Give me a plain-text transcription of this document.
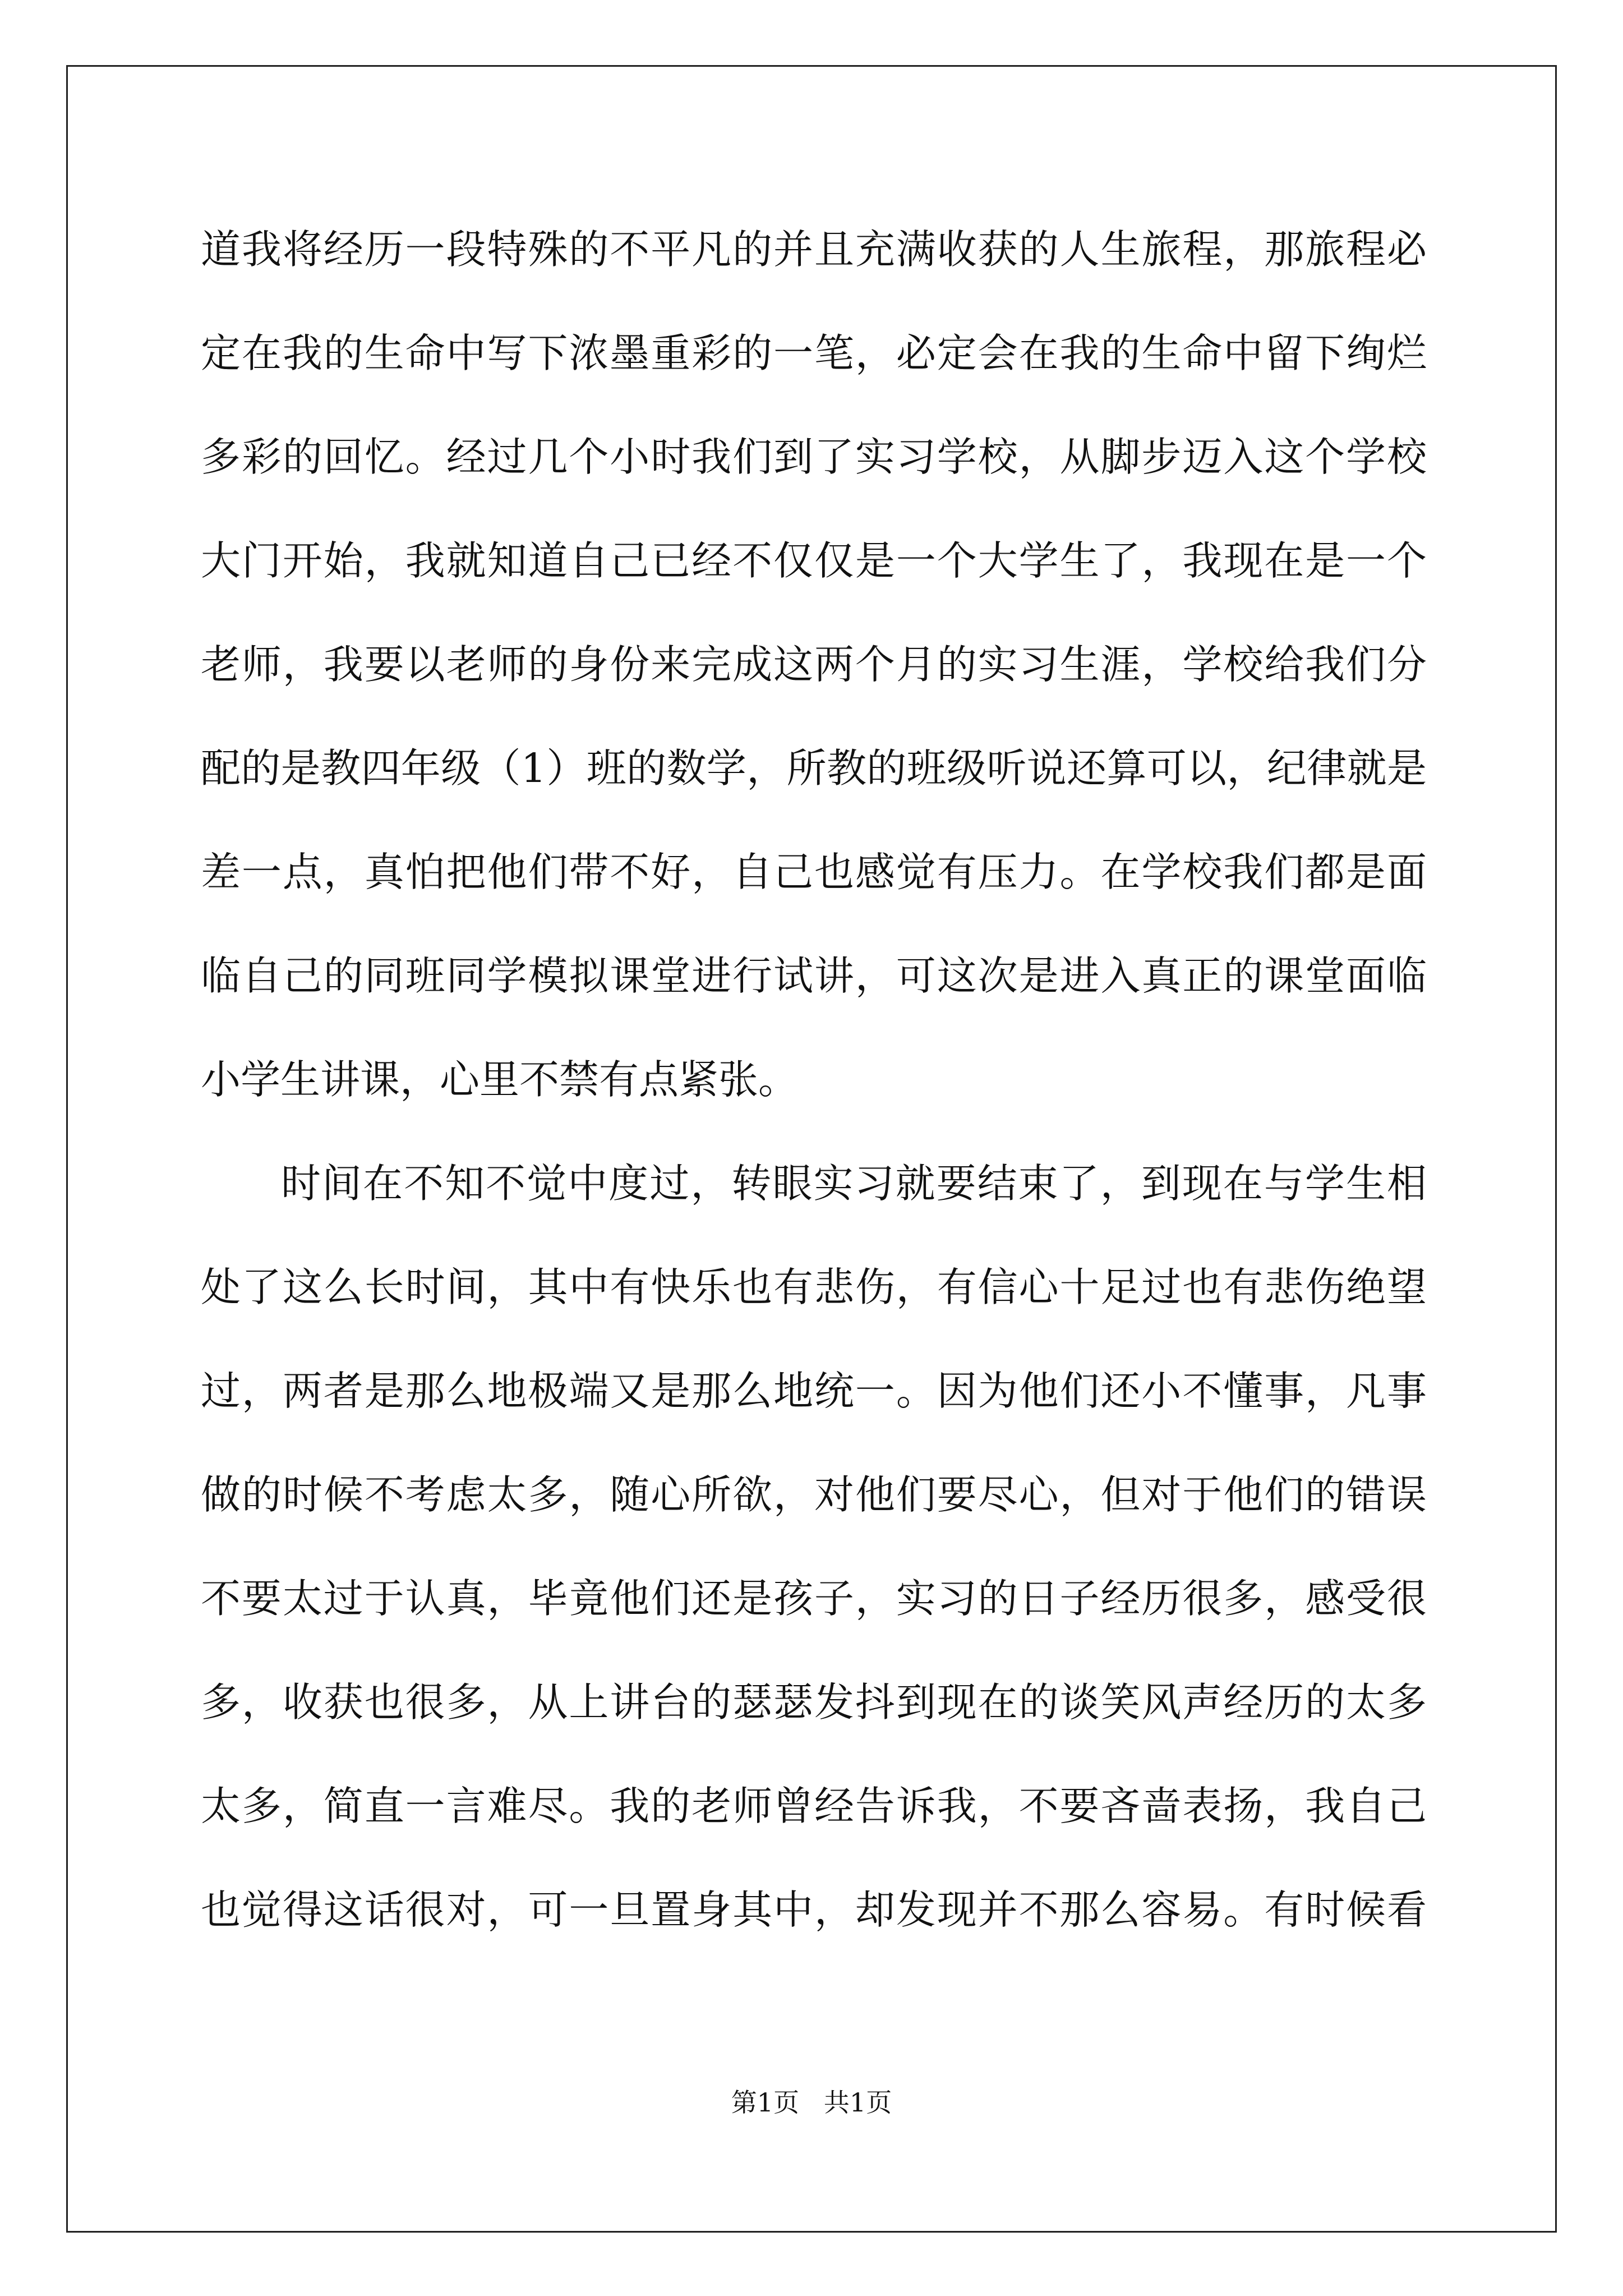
道我将经历一段特殊的不平凡的并且充满收获的人生旅程，那旅程必
定在我的生命中写下浓墨重彩的一笔，必定会在我的生命中留下绚烂
多彩的回忆。经过几个小时我们到了实习学校，从脚步迈入这个学校
大门开始，我就知道自己已经不仅仅是一个大学生了，我现在是一个
老师，我要以老师的身份来完成这两个月的实习生涯，学校给我们分
配的是教四年级（1）班的数学，所教的班级听说还算可以，纪律就是
差一点，真怕把他们带不好，自己也感觉有压力。在学校我们都是面
临自己的同班同学模拟课堂进行试讲，可这次是进入真正的课堂面临
小学生讲课，心里不禁有点紧张。
时间在不知不觉中度过，转眼实习就要结束了，到现在与学生相
处了这么长时间，其中有快乐也有悲伤，有信心十足过也有悲伤绝望
过，两者是那么地极端又是那么地统一。因为他们还小不懂事，凡事
做的时候不考虑太多，随心所欲，对他们要尽心，但对于他们的错误
不要太过于认真，毕竟他们还是孩子，实习的日子经历很多，感受很
多，收获也很多，从上讲台的瑟瑟发抖到现在的谈笑风声经历的太多
太多，简直一言难尽。我的老师曾经告诉我，不要吝啬表扬，我自己
也觉得这话很对，可一旦置身其中，却发现并不那么容易。有时候看
第1页   共1页
